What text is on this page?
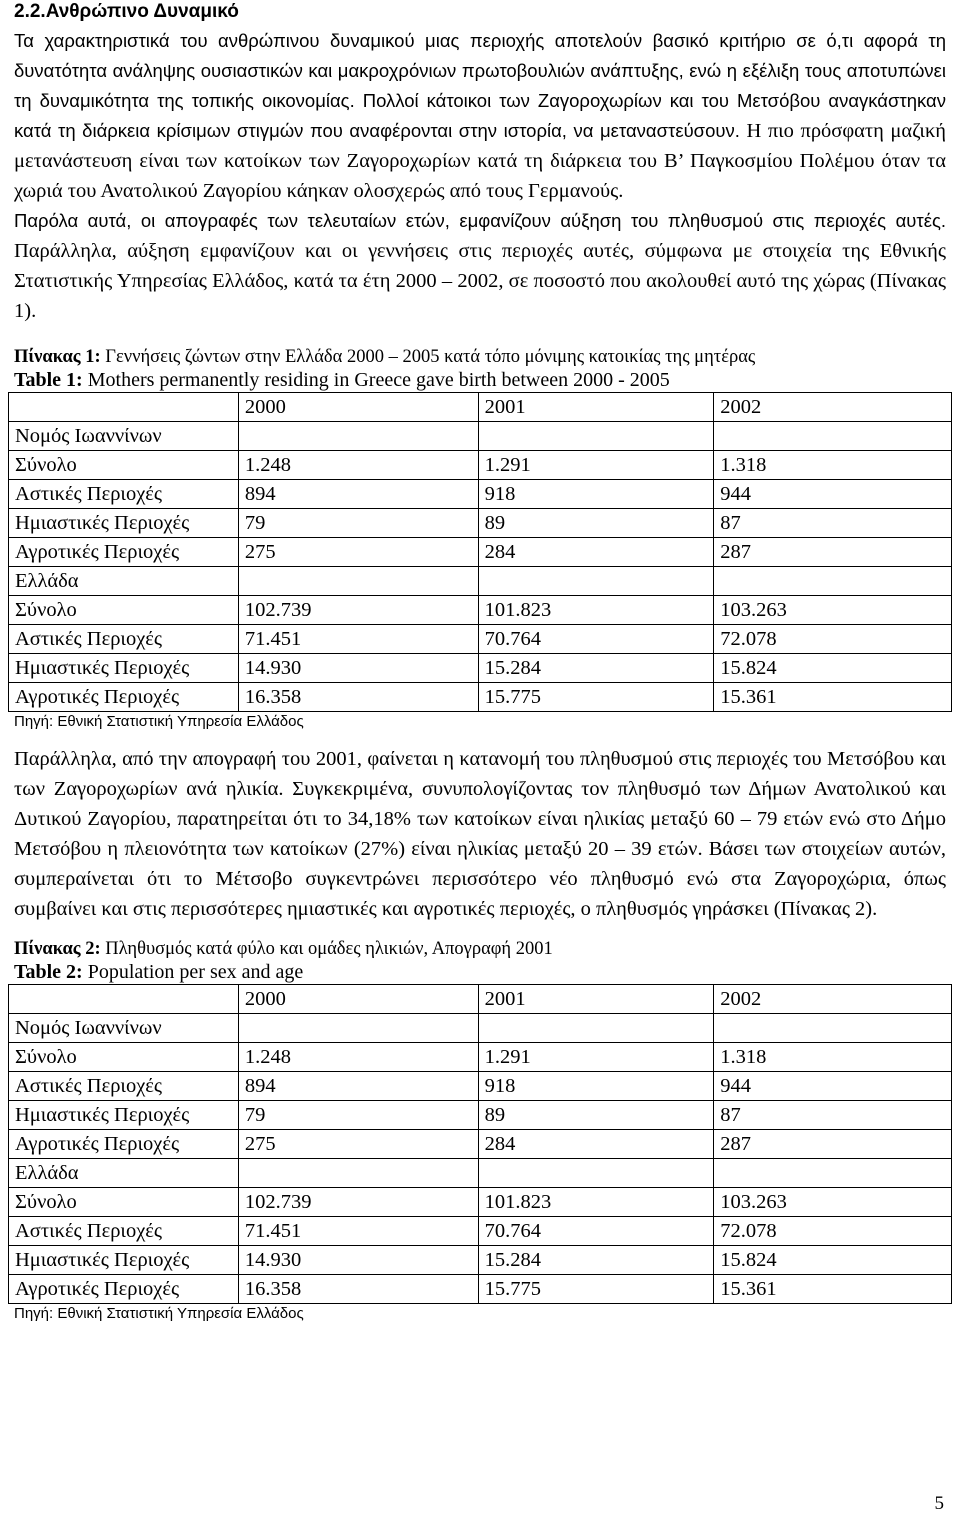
2.2.Ανθρώπινο Δυναμικό

Τα χαρακτηριστικά του ανθρώπινου δυναμικού μιας περιοχής αποτελούν βασικό κριτήριο σε ό,τι αφορά τη δυνατότητα ανάληψης ουσιαστικών και μακροχρόνιων πρωτοβουλιών ανάπτυξης, ενώ η εξέλιξη τους αποτυπώνει τη δυναμικότητα της τοπικής οικονομίας. Πολλοί κάτοικοι των Ζαγοροχωρίων και του Μετσόβου αναγκάστηκαν κατά τη διάρκεια κρίσιμων στιγμών που αναφέρονται στην ιστορία, να μεταναστεύσουν. Η πιο πρόσφατη μαζική μετανάστευση είναι των κατοίκων των Ζαγοροχωρίων κατά τη διάρκεια του Β’ Παγκοσμίου Πολέμου όταν τα χωριά του Ανατολικού Ζαγορίου κάηκαν ολοσχερώς από τους Γερμανούς.

Παρόλα αυτά, οι απογραφές των τελευταίων ετών, εμφανίζουν αύξηση του πληθυσμού στις περιοχές αυτές. Παράλληλα, αύξηση εμφανίζουν και οι γεννήσεις στις περιοχές αυτές, σύμφωνα με στοιχεία της Εθνικής Στατιστικής Υπηρεσίας Ελλάδος, κατά τα έτη 2000 – 2002, σε ποσοστό που ακολουθεί αυτό της χώρας (Πίνακας 1).

Πίνακας 1: Γεννήσεις ζώντων στην Ελλάδα 2000 – 2005 κατά τόπο μόνιμης κατοικίας της μητέρας

Table 1: Mothers permanently residing in Greece gave birth between 2000 - 2005

	2000	2001	2002
Νομός Ιωαννίνων			
Σύνολο	1.248	1.291	1.318
Αστικές Περιοχές	894	918	944
Ημιαστικές Περιοχές	79	89	87
Αγροτικές Περιοχές	275	284	287
Ελλάδα			
Σύνολο	102.739	101.823	103.263
Αστικές Περιοχές	71.451	70.764	72.078
Ημιαστικές Περιοχές	14.930	15.284	15.824
Αγροτικές Περιοχές	16.358	15.775	15.361

Πηγή: Εθνική Στατιστική Υπηρεσία Ελλάδος

Παράλληλα, από την απογραφή του 2001, φαίνεται η κατανομή του πληθυσμού στις περιοχές του Μετσόβου και των Ζαγοροχωρίων ανά ηλικία. Συγκεκριμένα, συνυπολογίζοντας τον πληθυσμό των Δήμων Ανατολικού και Δυτικού Ζαγορίου, παρατηρείται ότι το 34,18% των κατοίκων είναι ηλικίας μεταξύ 60 – 79 ετών ενώ στο Δήμο Μετσόβου η πλειονότητα των κατοίκων (27%) είναι ηλικίας μεταξύ 20 – 39 ετών. Βάσει των στοιχείων αυτών, συμπεραίνεται ότι το Μέτσοβο συγκεντρώνει περισσότερο νέο πληθυσμό ενώ στα Ζαγοροχώρια, όπως συμβαίνει και στις περισσότερες ημιαστικές και αγροτικές περιοχές, ο πληθυσμός γηράσκει (Πίνακας 2).

Πίνακας 2: Πληθυσμός κατά φύλο και ομάδες ηλικιών, Απογραφή 2001

Table 2: Population per sex and age

	2000	2001	2002
Νομός Ιωαννίνων			
Σύνολο	1.248	1.291	1.318
Αστικές Περιοχές	894	918	944
Ημιαστικές Περιοχές	79	89	87
Αγροτικές Περιοχές	275	284	287
Ελλάδα			
Σύνολο	102.739	101.823	103.263
Αστικές Περιοχές	71.451	70.764	72.078
Ημιαστικές Περιοχές	14.930	15.284	15.824
Αγροτικές Περιοχές	16.358	15.775	15.361

Πηγή: Εθνική Στατιστική Υπηρεσία Ελλάδος

5
